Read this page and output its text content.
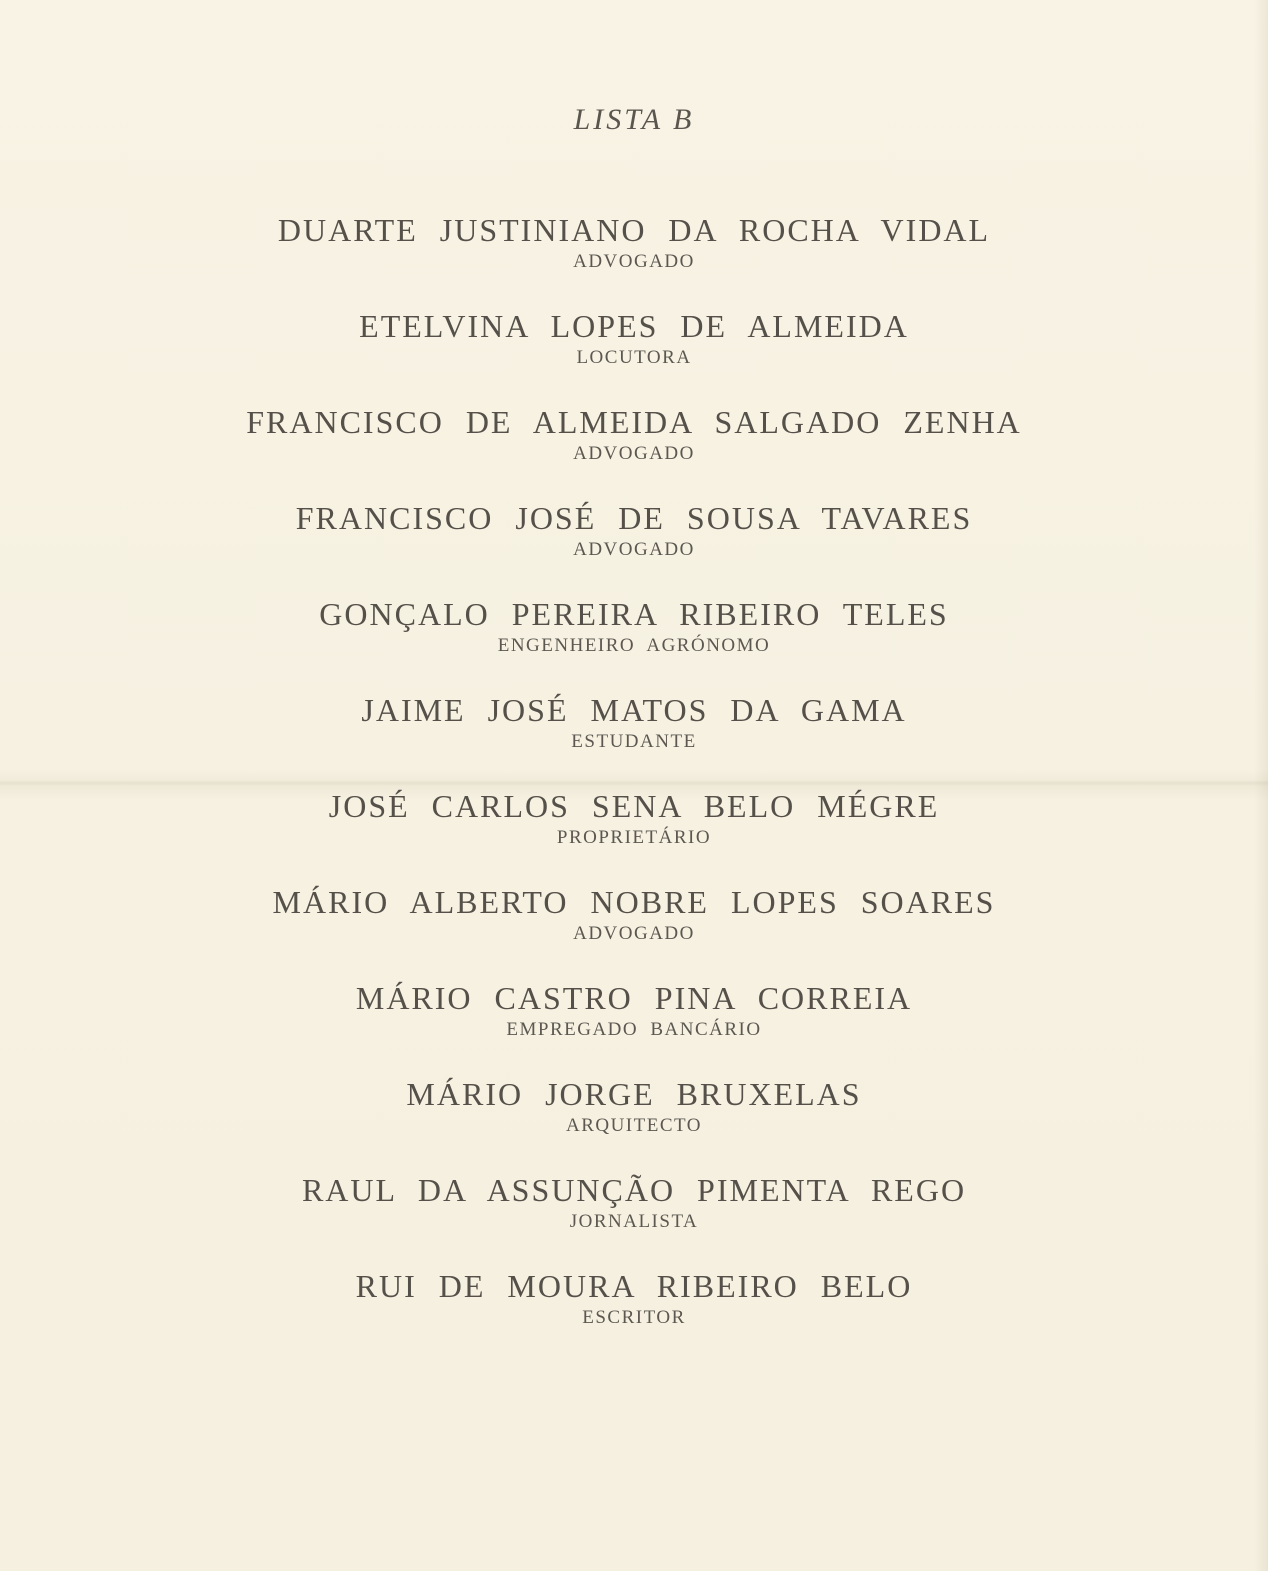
LISTA B
DUARTE JUSTINIANO DA ROCHA VIDAL
ADVOGADO
ETELVINA LOPES DE ALMEIDA
LOCUTORA
FRANCISCO DE ALMEIDA SALGADO ZENHA
ADVOGADO
FRANCISCO JOSÉ DE SOUSA TAVARES
ADVOGADO
GONÇALO PEREIRA RIBEIRO TELES
ENGENHEIRO AGRÓNOMO
JAIME JOSÉ MATOS DA GAMA
ESTUDANTE
JOSÉ CARLOS SENA BELO MÉGRE
PROPRIETÁRIO
MÁRIO ALBERTO NOBRE LOPES SOARES
ADVOGADO
MÁRIO CASTRO PINA CORREIA
EMPREGADO BANCÁRIO
MÁRIO JORGE BRUXELAS
ARQUITECTO
RAUL DA ASSUNÇÃO PIMENTA REGO
JORNALISTA
RUI DE MOURA RIBEIRO BELO
ESCRITOR
